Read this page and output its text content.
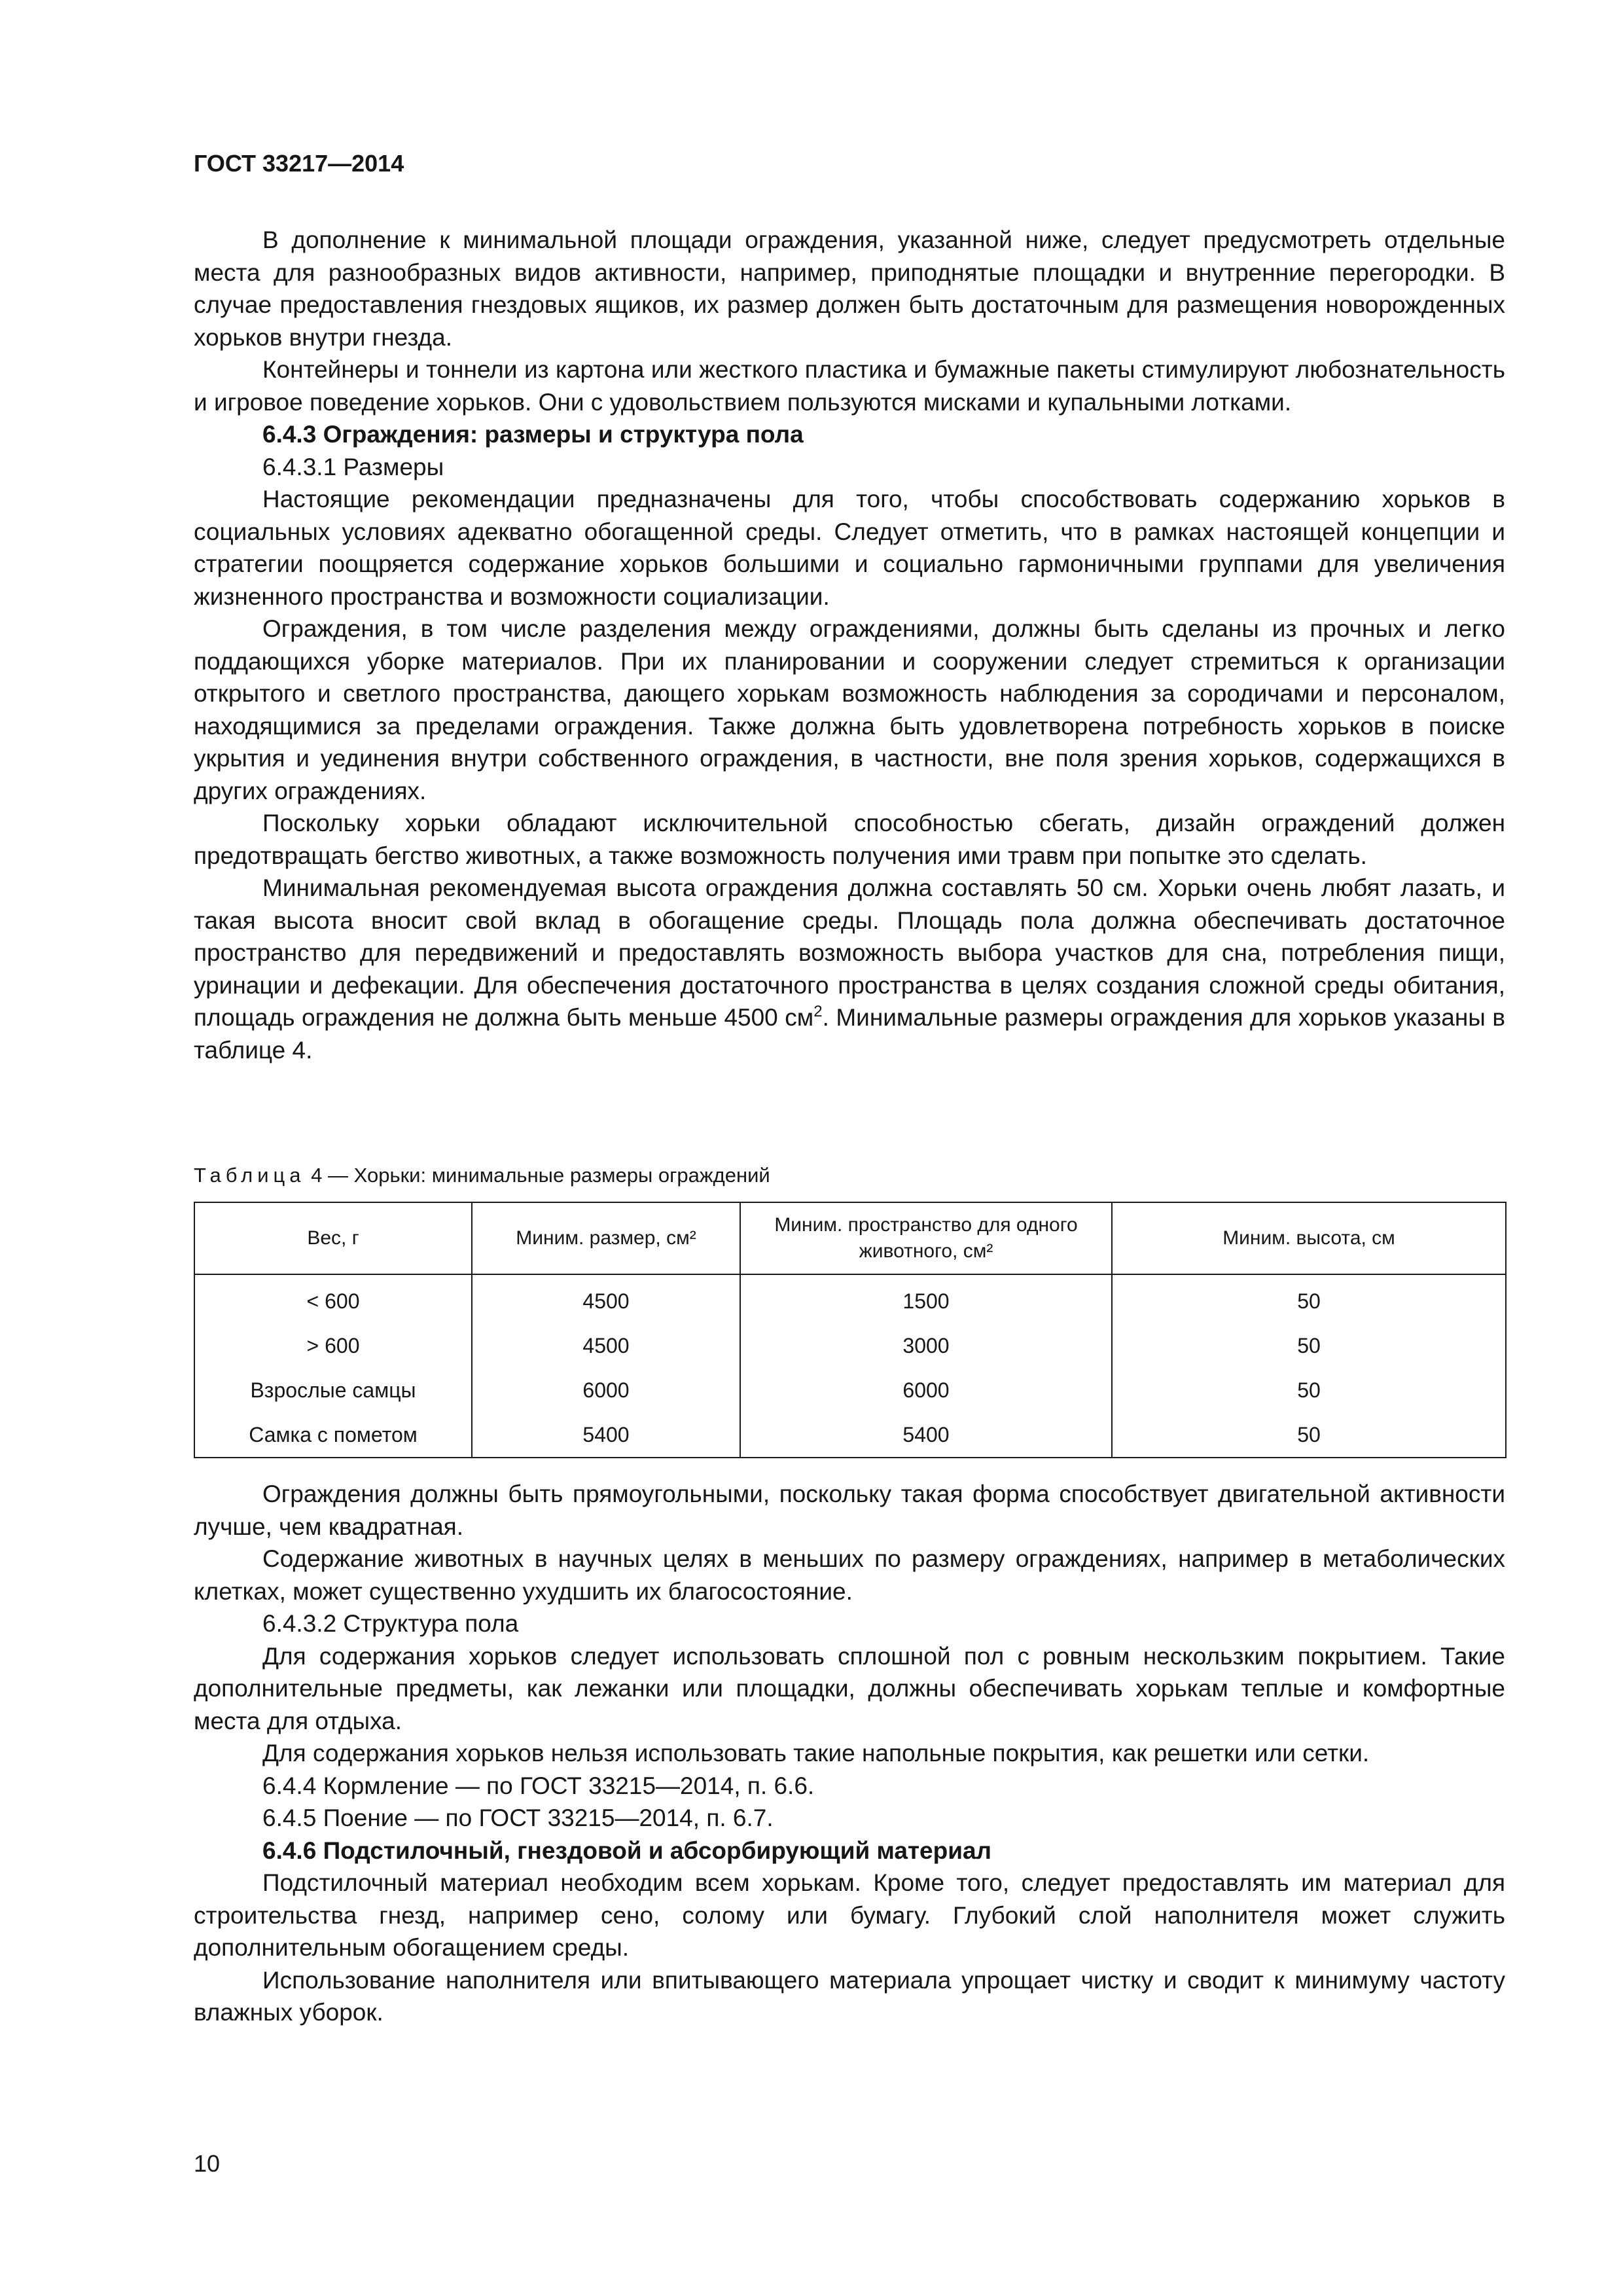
ГОСТ 33217—2014

В дополнение к минимальной площади ограждения, указанной ниже, следует предусмотреть отдельные места для разнообразных видов активности, например, приподнятые площадки и внутренние перегородки. В случае предоставления гнездовых ящиков, их размер должен быть достаточным для размещения новорожденных хорьков внутри гнезда.

Контейнеры и тоннели из картона или жесткого пластика и бумажные пакеты стимулируют любознательность и игровое поведение хорьков. Они с удовольствием пользуются мисками и купальными лотками.

6.4.3 Ограждения: размеры и структура пола

6.4.3.1 Размеры

Настоящие рекомендации предназначены для того, чтобы способствовать содержанию хорьков в социальных условиях адекватно обогащенной среды. Следует отметить, что в рамках настоящей концепции и стратегии поощряется содержание хорьков большими и социально гармоничными группами для увеличения жизненного пространства и возможности социализации.

Ограждения, в том числе разделения между ограждениями, должны быть сделаны из прочных и легко поддающихся уборке материалов. При их планировании и сооружении следует стремиться к организации открытого и светлого пространства, дающего хорькам возможность наблюдения за сородичами и персоналом, находящимися за пределами ограждения. Также должна быть удовлетворена потребность хорьков в поиске укрытия и уединения внутри собственного ограждения, в частности, вне поля зрения хорьков, содержащихся в других ограждениях.

Поскольку хорьки обладают исключительной способностью сбегать, дизайн ограждений должен предотвращать бегство животных, а также возможность получения ими травм при попытке это сделать.

Минимальная рекомендуемая высота ограждения должна составлять 50 см. Хорьки очень любят лазать, и такая высота вносит свой вклад в обогащение среды. Площадь пола должна обеспечивать достаточное пространство для передвижений и предоставлять возможность выбора участков для сна, потребления пищи, уринации и дефекации. Для обеспечения достаточного пространства в целях создания сложной среды обитания, площадь ограждения не должна быть меньше 4500 $см^2$. Минимальные размеры ограждения для хорьков указаны в таблице 4.

Таблица 4 — Хорьки: минимальные размеры ограждений
Вес, г	Миним. размер, см²	Миним. пространство для одного животного, см²	Миним. высота, см
< 600	4500	1500	50
> 600	4500	3000	50
Взрослые самцы	6000	6000	50
Самка с пометом	5400	5400	50

Ограждения должны быть прямоугольными, поскольку такая форма способствует двигательной активности лучше, чем квадратная.

Содержание животных в научных целях в меньших по размеру ограждениях, например в метаболических клетках, может существенно ухудшить их благосостояние.

6.4.3.2 Структура пола

Для содержания хорьков следует использовать сплошной пол с ровным нескользким покрытием. Такие дополнительные предметы, как лежанки или площадки, должны обеспечивать хорькам теплые и комфортные места для отдыха.

Для содержания хорьков нельзя использовать такие напольные покрытия, как решетки или сетки.

6.4.4 Кормление — по ГОСТ 33215—2014, п. 6.6.

6.4.5 Поение — по ГОСТ 33215—2014, п. 6.7.

6.4.6 Подстилочный, гнездовой и абсорбирующий материал

Подстилочный материал необходим всем хорькам. Кроме того, следует предоставлять им материал для строительства гнезд, например сено, солому или бумагу. Глубокий слой наполнителя может служить дополнительным обогащением среды.

Использование наполнителя или впитывающего материала упрощает чистку и сводит к минимуму частоту влажных уборок.

10
